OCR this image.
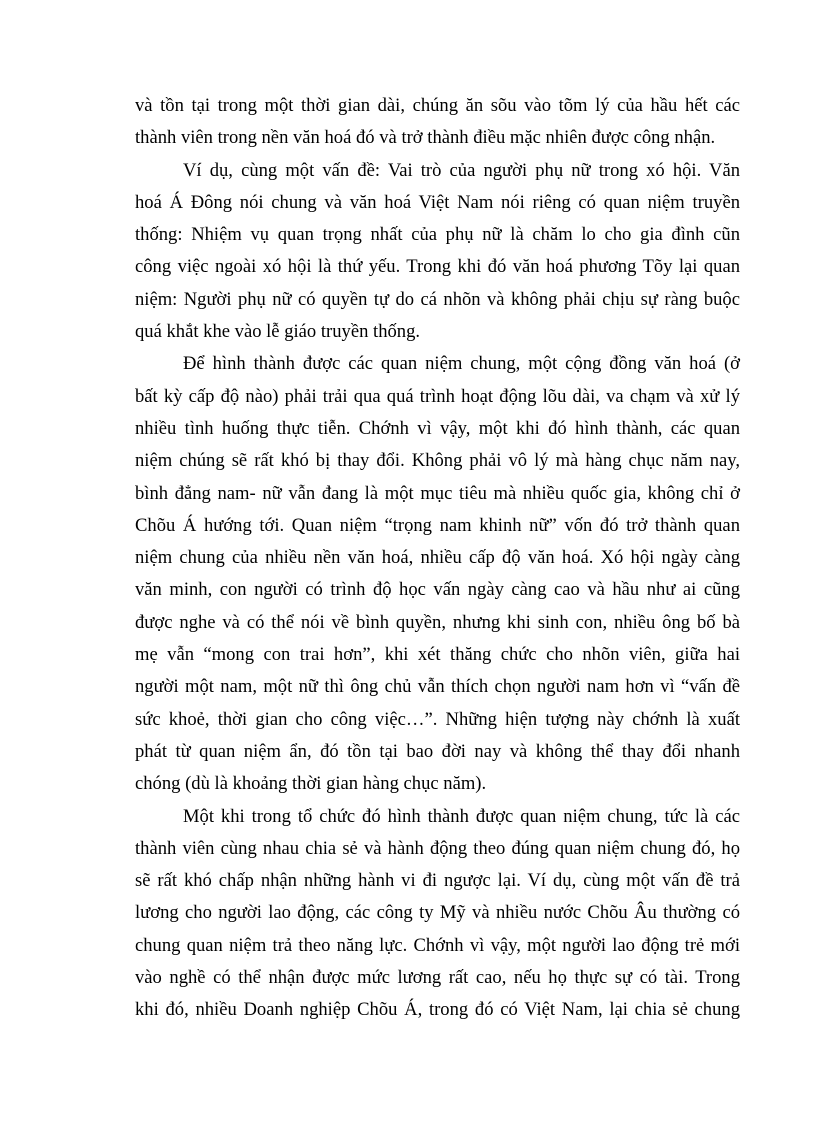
và tồn tại trong một thời gian dài, chúng ăn sõu vào tõm lý của hầu hết các
thành viên trong nền văn hoá đó và trở thành điều mặc nhiên được công nhận.
Ví dụ, cùng một vấn đề: Vai trò của người phụ nữ trong xó hội. Văn
hoá Á Đông nói chung và văn hoá Việt Nam nói riêng có quan niệm truyền
thống: Nhiệm vụ quan trọng nhất của phụ nữ là chăm lo cho gia đình cũn
công việc ngoài xó hội là thứ yếu. Trong khi đó văn hoá phương Tõy lại quan
niệm: Người phụ nữ có quyền tự do cá nhõn và không phải chịu sự ràng buộc
quá khắt khe vào lễ giáo truyền thống.
Để hình thành được các quan niệm chung, một cộng đồng văn hoá (ở
bất kỳ cấp độ nào) phải trải qua quá trình hoạt động lõu dài, va chạm và xử lý
nhiều tình huống thực tiễn. Chớnh vì vậy, một khi đó hình thành, các quan
niệm chúng sẽ rất khó bị thay đổi. Không phải vô lý mà hàng chục năm nay,
bình đẳng nam- nữ vẫn đang là một mục tiêu mà nhiều quốc gia, không chỉ ở
Chõu Á hướng tới. Quan niệm “trọng nam khinh nữ” vốn đó trở thành quan
niệm chung của nhiều nền văn hoá, nhiều cấp độ văn hoá. Xó hội ngày càng
văn minh, con người có trình độ học vấn ngày càng cao và hầu như ai cũng
được nghe và có thể nói về bình quyền, nhưng khi sinh con, nhiều ông bố bà
mẹ vẫn “mong con trai hơn”, khi xét thăng chức cho nhõn viên, giữa hai
người một nam, một nữ thì ông chủ vẫn thích chọn người nam hơn vì “vấn đề
sức khoẻ, thời gian cho công việc…”. Những hiện tượng này chớnh là xuất
phát từ quan niệm ẩn, đó tồn tại bao đời nay và không thể thay đổi nhanh
chóng (dù là khoảng thời gian hàng chục năm).
Một khi trong tổ chức đó hình thành được quan niệm chung, tức là các
thành viên cùng nhau chia sẻ và hành động theo đúng quan niệm chung đó, họ
sẽ rất khó chấp nhận những hành vi đi ngược lại. Ví dụ, cùng một vấn đề trả
lương cho người lao động, các công ty Mỹ và nhiều nước Chõu Âu thường có
chung quan niệm trả theo năng lực. Chớnh vì vậy, một người lao động trẻ mới
vào nghề có thể nhận được mức lương rất cao, nếu họ thực sự có tài. Trong
khi đó, nhiều Doanh nghiệp Chõu Á, trong đó có Việt Nam, lại chia sẻ chung
